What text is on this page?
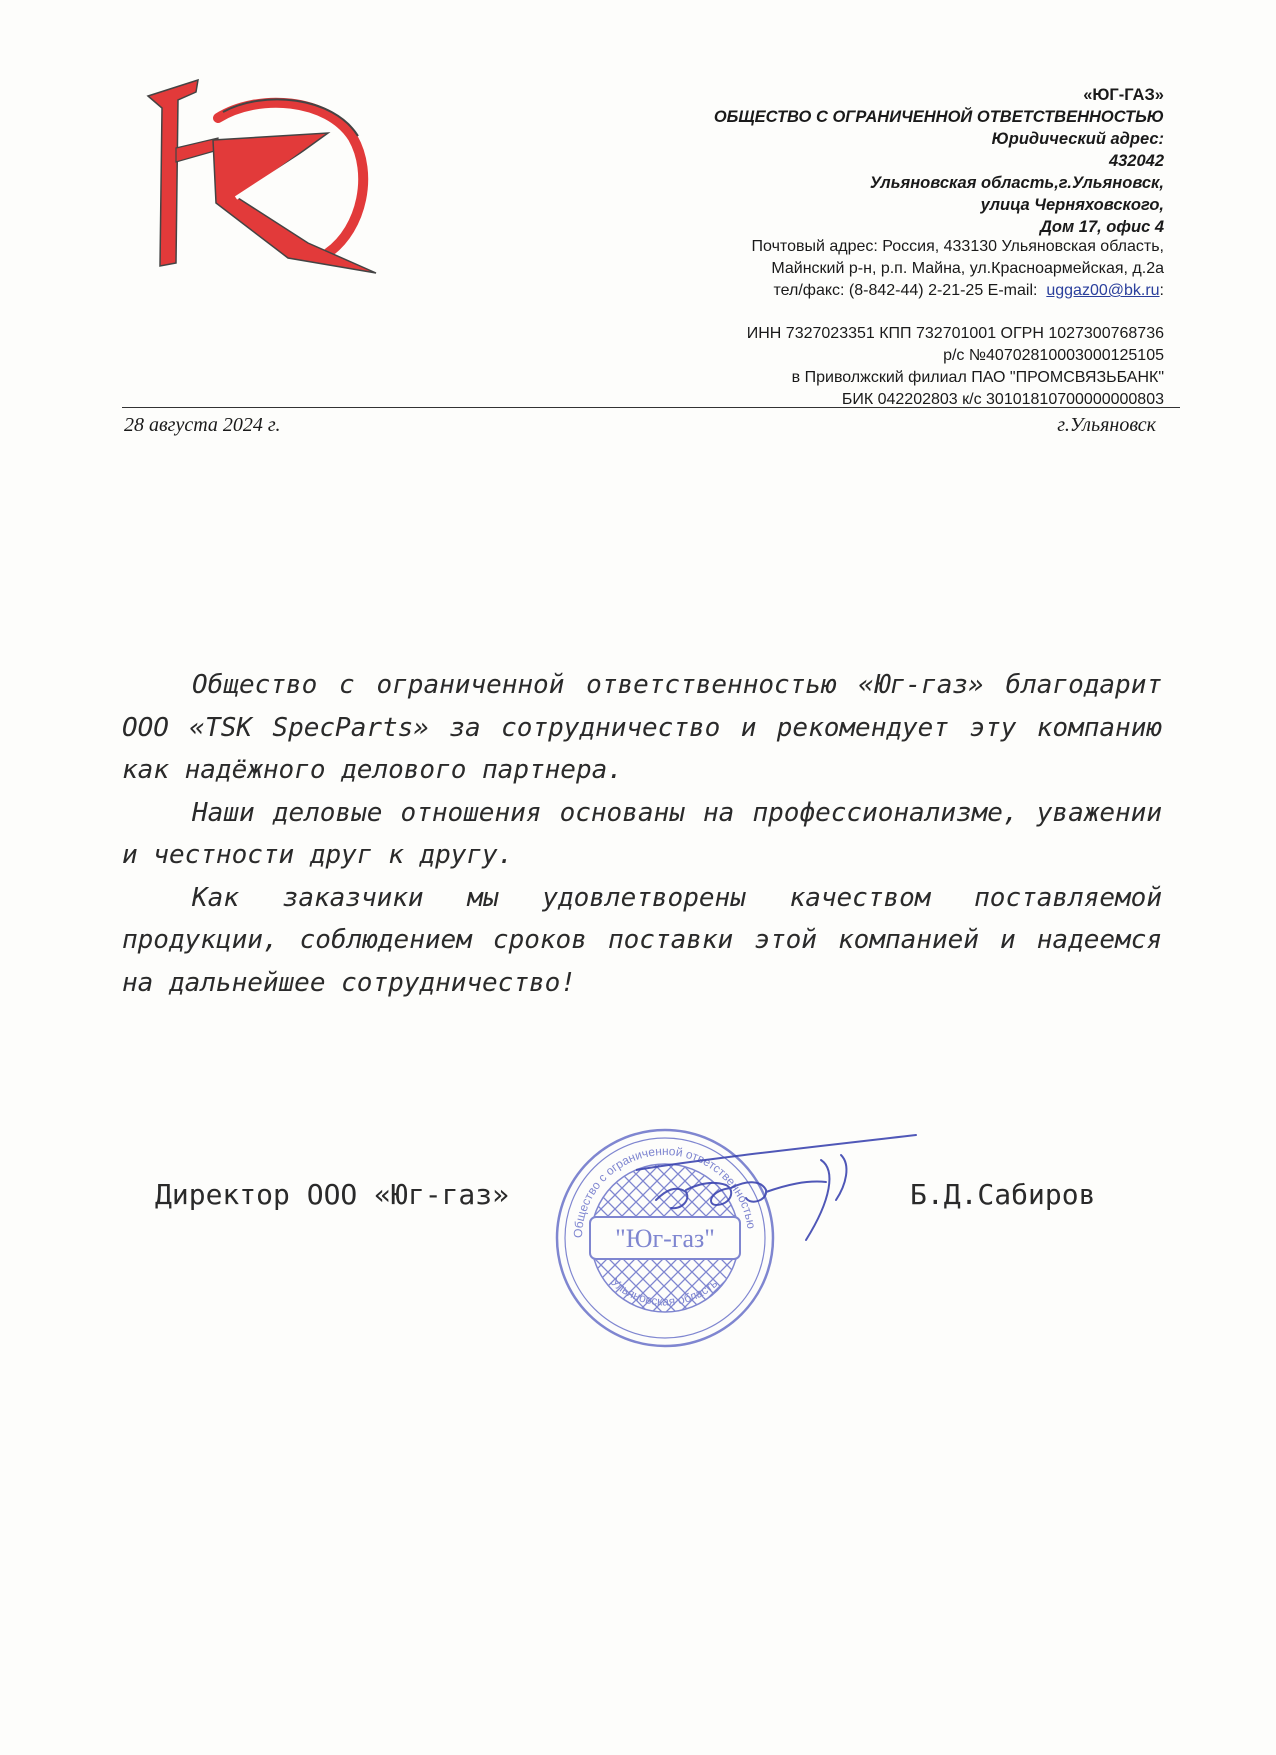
«ЮГ-ГАЗ»
ОБЩЕСТВО С ОГРАНИЧЕННОЙ ОТВЕТСТВЕННОСТЬЮ
Юридический адрес:
432042
Ульяновская область,г.Ульяновск,
улица Черняховского,
Дом 17, офис 4
Почтовый адрес: Россия, 433130 Ульяновская область,
Майнский р-н, р.п. Майна, ул.Красноармейская, д.2а
тел/факс: (8-842-44) 2-21-25 E-mail: uggaz00@bk.ru:
ИНН 7327023351 КПП 732701001 ОГРН 1027300768736
р/с №40702810003000125105
в Приволжский филиал ПАО "ПРОМСВЯЗЬБАНК"
БИК 042202803 к/с 30101810700000000803
28 августа 2024 г.	г.Ульяновск

Общество с ограниченной ответственностью «Юг-газ» благодарит ООО «TSK SpecParts» за сотрудничество и рекомендует эту компанию как надёжного делового партнера.

Наши деловые отношения основаны на профессионализме, уважении и честности друг к другу.

Как заказчики мы удовлетворены качеством поставляемой продукции, соблюдением сроков поставки этой компанией и надеемся на дальнейшее сотрудничество!

Директор ООО «Юг-газ»	Б.Д.Сабиров
Общество с ограниченной ответственностью
Ульяновская область
"Юг-газ"
